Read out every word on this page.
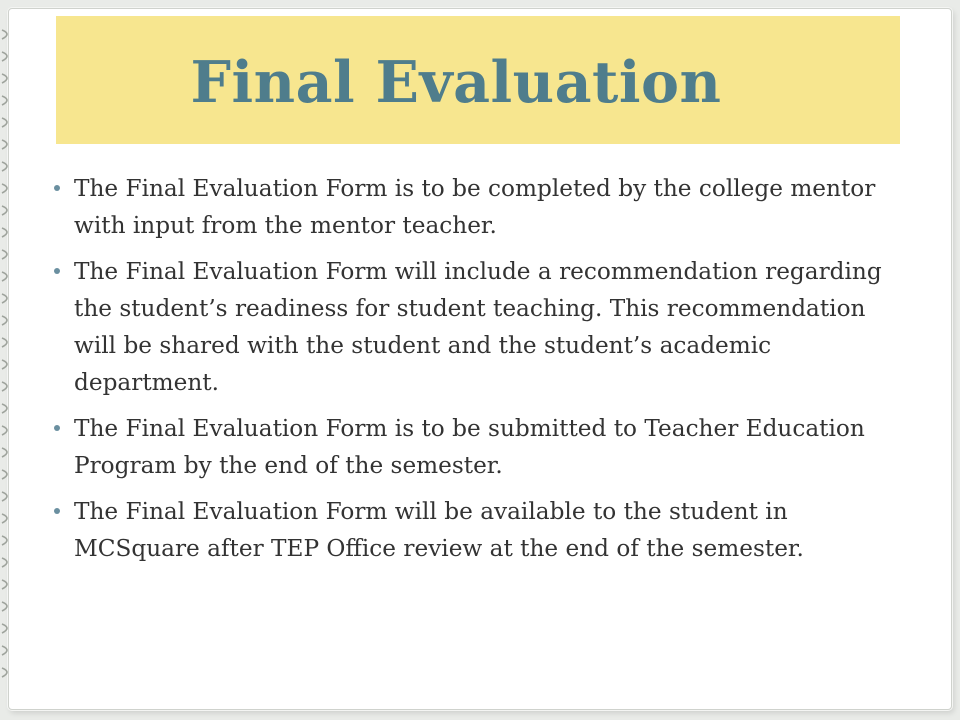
Final Evaluation
The Final Evaluation Form is to be completed by the college mentor with input from the mentor teacher.
The Final Evaluation Form will include a recommendation regarding the student’s readiness for student teaching. This recommendation will be shared with the student and the student’s academic department.
The Final Evaluation Form is to be submitted to Teacher Education Program by the end of the semester.
The Final Evaluation Form will be available to the student in MCSquare after TEP Office review at the end of the semester.
